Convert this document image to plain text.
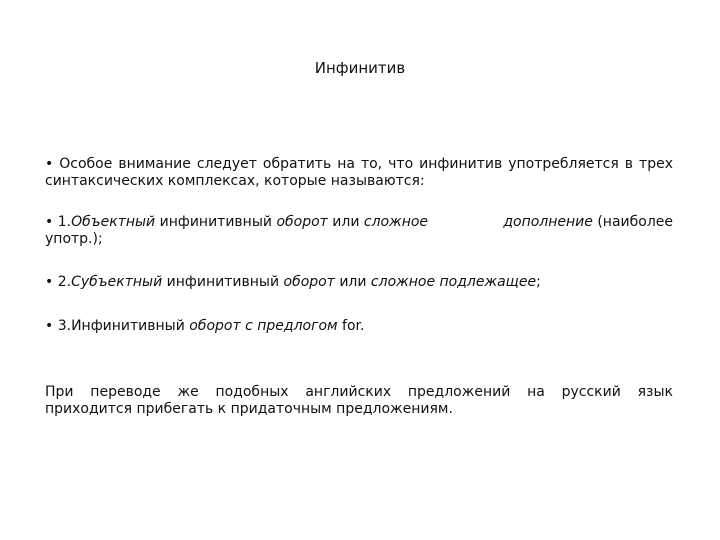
Инфинитив
• Особое внимание следует обратить на то, что инфинитив употребляется в трех
синтаксических комплексах, которые называются:
• 1.Объектный инфинитивный оборот или сложное	дополнение (наиболее
употр.);
• 2.Субъектный инфинитивный оборот или сложное подлежащее;
• 3.Инфинитивный оборот с предлогом for.
При переводе же подобных английских предложений на русский язык
приходится прибегать к придаточным предложениям.
